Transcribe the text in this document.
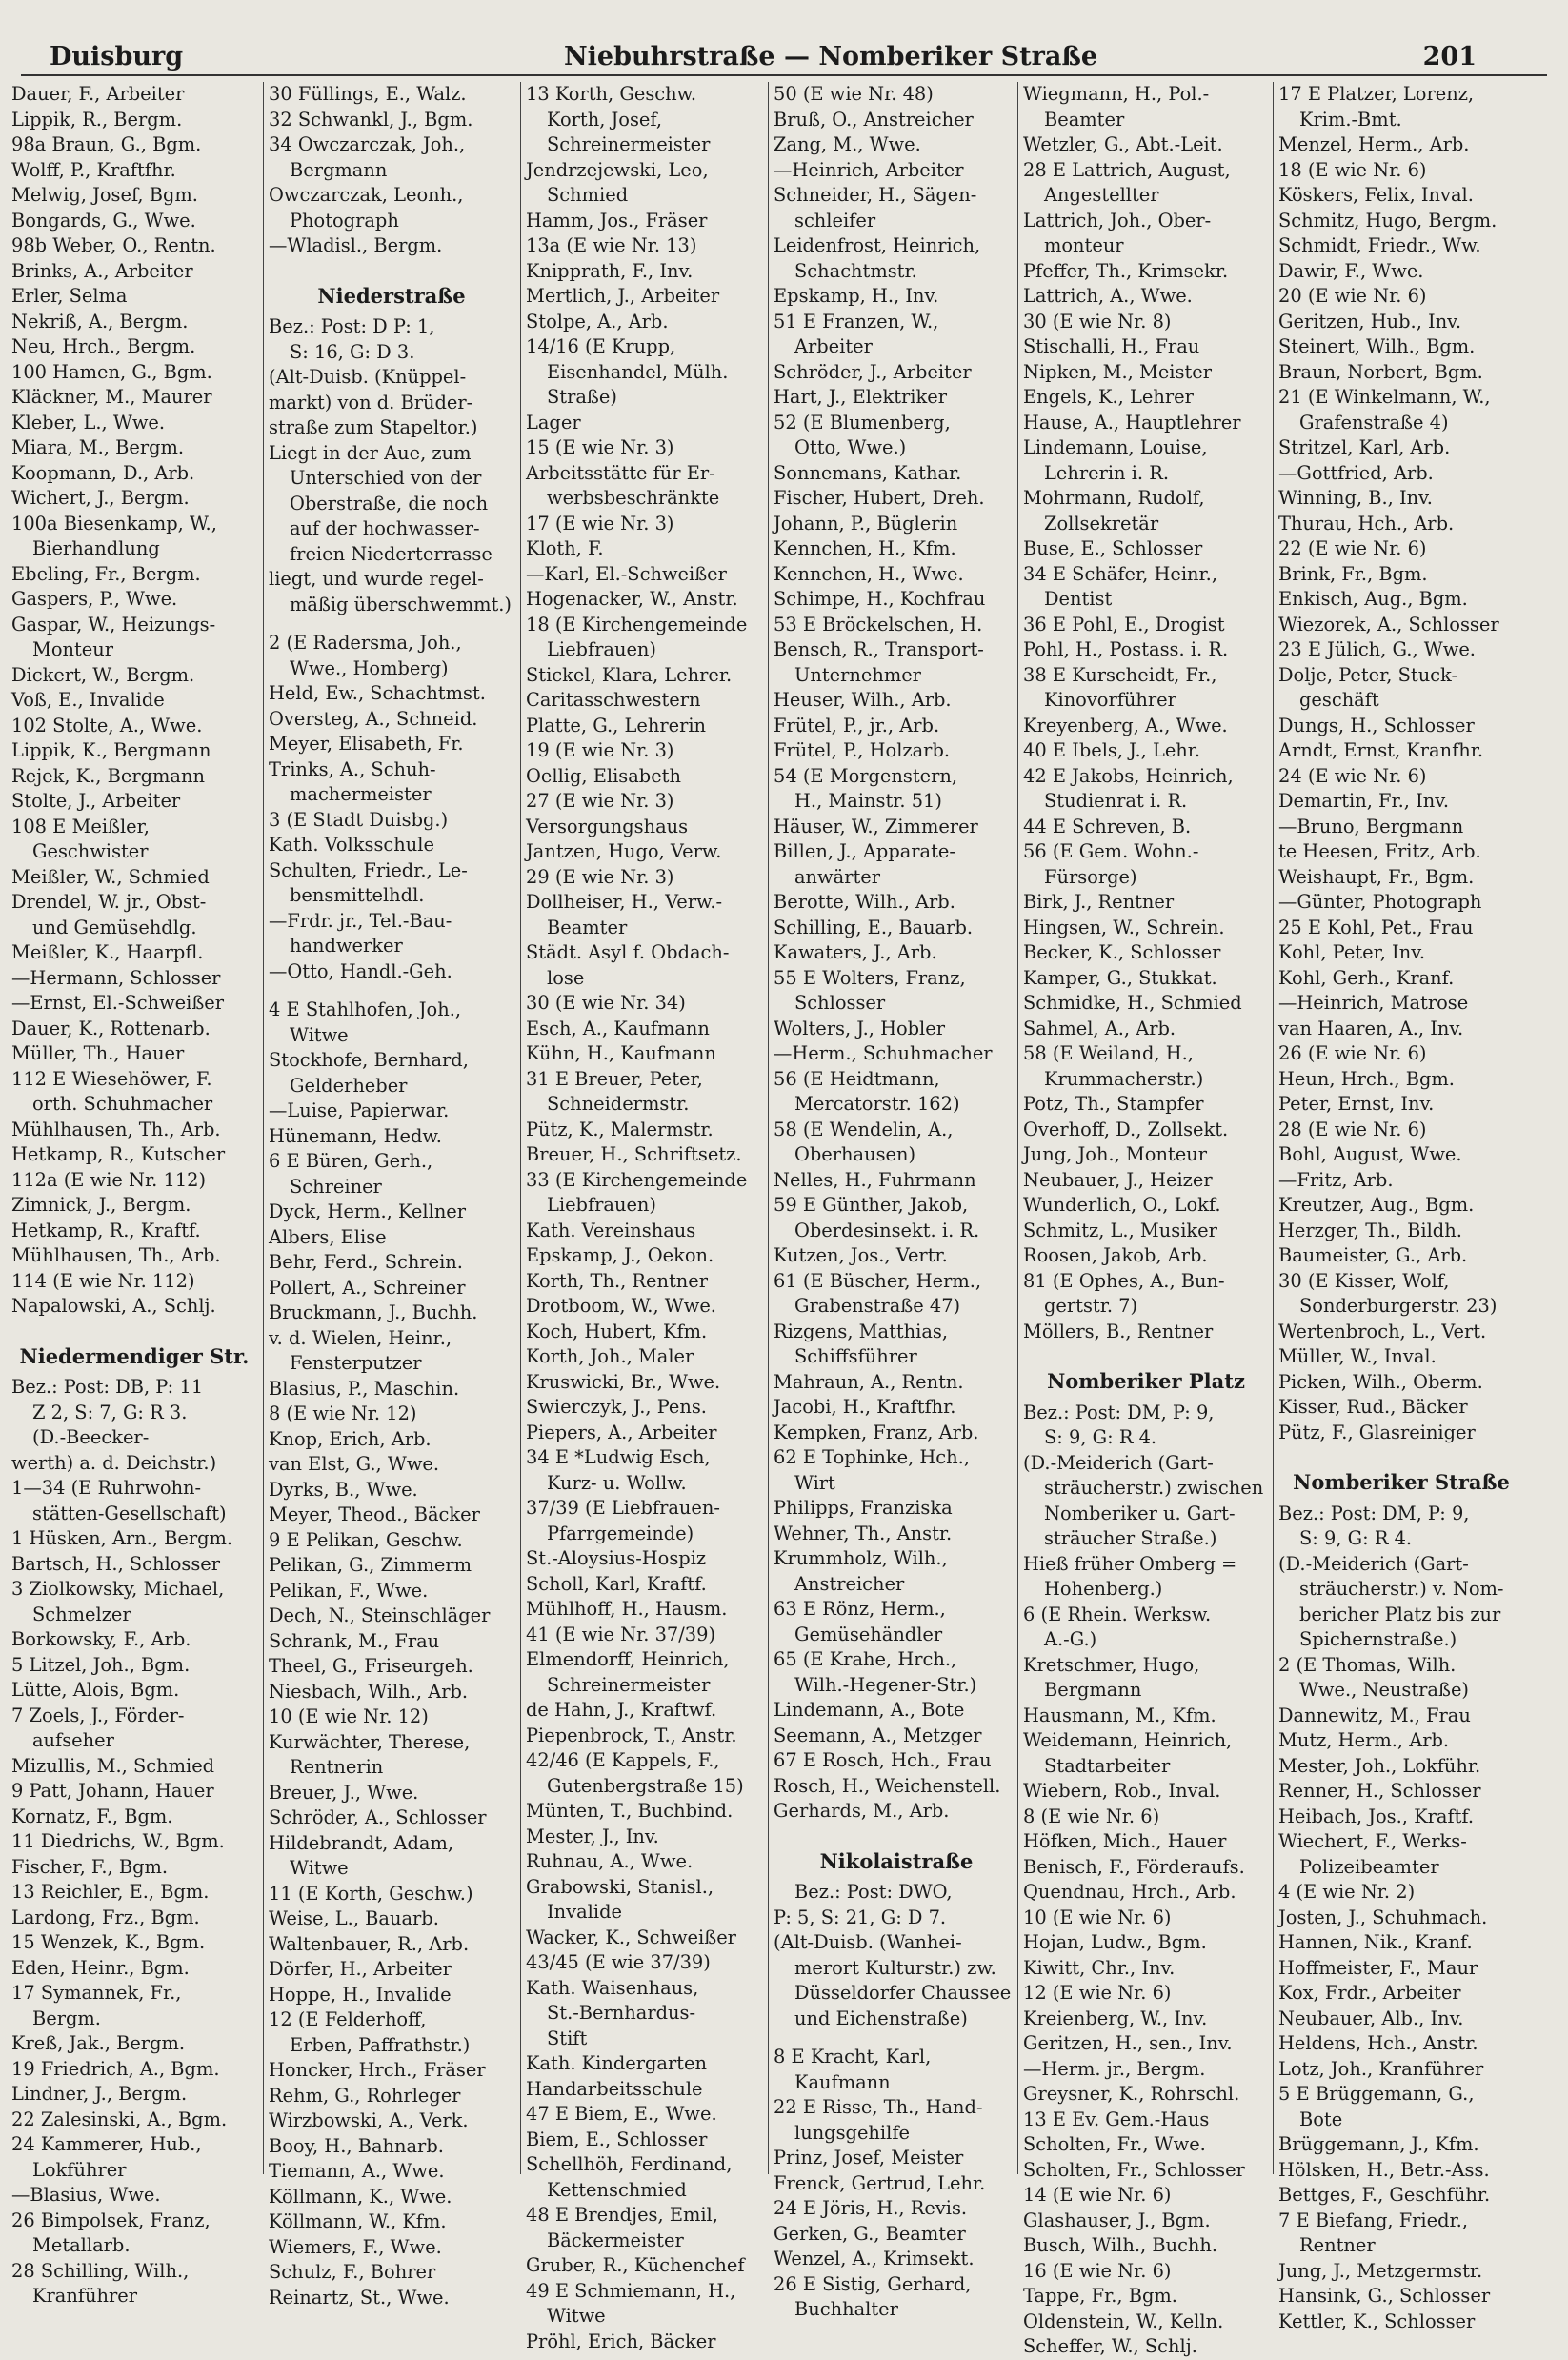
Duisburg	Niebuhrstraße — Nomberiker Straße	201
Dauer, F., Arbeiter
Lippik, R., Bergm.
98a Braun, G., Bgm.
Wolff, P., Kraftfhr.
Melwig, Josef, Bgm.
Bongards, G., Wwe.
98b Weber, O., Rentn.
Brinks, A., Arbeiter
Erler, Selma
Nekriß, A., Bergm.
Neu, Hrch., Bergm.
100 Hamen, G., Bgm.
Kläckner, M., Maurer
Kleber, L., Wwe.
Miara, M., Bergm.
Koopmann, D., Arb.
Wichert, J., Bergm.
100a Biesenkamp, W.,
Bierhandlung
Ebeling, Fr., Bergm.
Gaspers, P., Wwe.
Gaspar, W., Heizungs-
Monteur
Dickert, W., Bergm.
Voß, E., Invalide
102 Stolte, A., Wwe.
Lippik, K., Bergmann
Rejek, K., Bergmann
Stolte, J., Arbeiter
108 E Meißler,
Geschwister
Meißler, W., Schmied
Drendel, W. jr., Obst-
und Gemüsehdlg.
Meißler, K., Haarpfl.
—Hermann, Schlosser
—Ernst, El.-Schweißer
Dauer, K., Rottenarb.
Müller, Th., Hauer
112 E Wiesehöwer, F.
orth. Schuhmacher
Mühlhausen, Th., Arb.
Hetkamp, R., Kutscher
112a (E wie Nr. 112)
Zimnick, J., Bergm.
Hetkamp, R., Kraftf.
Mühlhausen, Th., Arb.
114 (E wie Nr. 112)
Napalowski, A., Schlj.
Niedermendiger Str.
Bez.: Post: DB, P: 11
Z 2, S: 7, G: R 3.
(D.-Beecker-
werth) a. d. Deichstr.)
1—34 (E Ruhrwohn-
stätten-Gesellschaft)
1 Hüsken, Arn., Bergm.
Bartsch, H., Schlosser
3 Ziolkowsky, Michael,
Schmelzer
Borkowsky, F., Arb.
5 Litzel, Joh., Bgm.
Lütte, Alois, Bgm.
7 Zoels, J., Förder-
aufseher
Mizullis, M., Schmied
9 Patt, Johann, Hauer
Kornatz, F., Bgm.
11 Diedrichs, W., Bgm.
Fischer, F., Bgm.
13 Reichler, E., Bgm.
Lardong, Frz., Bgm.
15 Wenzek, K., Bgm.
Eden, Heinr., Bgm.
17 Symannek, Fr.,
Bergm.
Kreß, Jak., Bergm.
19 Friedrich, A., Bgm.
Lindner, J., Bergm.
22 Zalesinski, A., Bgm.
24 Kammerer, Hub.,
Lokführer
—Blasius, Wwe.
26 Bimpolsek, Franz,
Metallarb.
28 Schilling, Wilh.,
Kranführer
30 Füllings, E., Walz.
32 Schwankl, J., Bgm.
34 Owczarczak, Joh.,
Bergmann
Owczarczak, Leonh.,
Photograph
—Wladisl., Bergm.
Niederstraße
Bez.: Post: D P: 1,
S: 16, G: D 3.
(Alt-Duisb. (Knüppel-
markt) von d. Brüder-
straße zum Stapeltor.)
Liegt in der Aue, zum
Unterschied von der
Oberstraße, die noch
auf der hochwasser-
freien Niederterrasse
liegt, und wurde regel-
mäßig überschwemmt.)
2 (E Radersma, Joh.,
Wwe., Homberg)
Held, Ew., Schachtmst.
Oversteg, A., Schneid.
Meyer, Elisabeth, Fr.
Trinks, A., Schuh-
machermeister
3 (E Stadt Duisbg.)
Kath. Volksschule
Schulten, Friedr., Le-
bensmittelhdl.
—Frdr. jr., Tel.-Bau-
handwerker
—Otto, Handl.-Geh.
4 E Stahlhofen, Joh.,
Witwe
Stockhofe, Bernhard,
Gelderheber
—Luise, Papierwar.
Hünemann, Hedw.
6 E Büren, Gerh.,
Schreiner
Dyck, Herm., Kellner
Albers, Elise
Behr, Ferd., Schrein.
Pollert, A., Schreiner
Bruckmann, J., Buchh.
v. d. Wielen, Heinr.,
Fensterputzer
Blasius, P., Maschin.
8 (E wie Nr. 12)
Knop, Erich, Arb.
van Elst, G., Wwe.
Dyrks, B., Wwe.
Meyer, Theod., Bäcker
9 E Pelikan, Geschw.
Pelikan, G., Zimmerm
Pelikan, F., Wwe.
Dech, N., Steinschläger
Schrank, M., Frau
Theel, G., Friseurgeh.
Niesbach, Wilh., Arb.
10 (E wie Nr. 12)
Kurwächter, Therese,
Rentnerin
Breuer, J., Wwe.
Schröder, A., Schlosser
Hildebrandt, Adam,
Witwe
11 (E Korth, Geschw.)
Weise, L., Bauarb.
Waltenbauer, R., Arb.
Dörfer, H., Arbeiter
Hoppe, H., Invalide
12 (E Felderhoff,
Erben, Paffrathstr.)
Honcker, Hrch., Fräser
Rehm, G., Rohrleger
Wirzbowski, A., Verk.
Booy, H., Bahnarb.
Tiemann, A., Wwe.
Köllmann, K., Wwe.
Köllmann, W., Kfm.
Wiemers, F., Wwe.
Schulz, F., Bohrer
Reinartz, St., Wwe.
13 Korth, Geschw.
Korth, Josef,
Schreinermeister
Jendrzejewski, Leo,
Schmied
Hamm, Jos., Fräser
13a (E wie Nr. 13)
Knipprath, F., Inv.
Mertlich, J., Arbeiter
Stolpe, A., Arb.
14/16 (E Krupp,
Eisenhandel, Mülh.
Straße)
Lager
15 (E wie Nr. 3)
Arbeitsstätte für Er-
werbsbeschränkte
17 (E wie Nr. 3)
Kloth, F.
—Karl, El.-Schweißer
Hogenacker, W., Anstr.
18 (E Kirchengemeinde
Liebfrauen)
Stickel, Klara, Lehrer.
Caritasschwestern
Platte, G., Lehrerin
19 (E wie Nr. 3)
Oellig, Elisabeth
27 (E wie Nr. 3)
Versorgungshaus
Jantzen, Hugo, Verw.
29 (E wie Nr. 3)
Dollheiser, H., Verw.-
Beamter
Städt. Asyl f. Obdach-
lose
30 (E wie Nr. 34)
Esch, A., Kaufmann
Kühn, H., Kaufmann
31 E Breuer, Peter,
Schneidermstr.
Pütz, K., Malermstr.
Breuer, H., Schriftsetz.
33 (E Kirchengemeinde
Liebfrauen)
Kath. Vereinshaus
Epskamp, J., Oekon.
Korth, Th., Rentner
Drotboom, W., Wwe.
Koch, Hubert, Kfm.
Korth, Joh., Maler
Kruswicki, Br., Wwe.
Swierczyk, J., Pens.
Piepers, A., Arbeiter
34 E *Ludwig Esch,
Kurz- u. Wollw.
37/39 (E Liebfrauen-
Pfarrgemeinde)
St.-Aloysius-Hospiz
Scholl, Karl, Kraftf.
Mühlhoff, H., Hausm.
41 (E wie Nr. 37/39)
Elmendorff, Heinrich,
Schreinermeister
de Hahn, J., Kraftwf.
Piepenbrock, T., Anstr.
42/46 (E Kappels, F.,
Gutenbergstraße 15)
Münten, T., Buchbind.
Mester, J., Inv.
Ruhnau, A., Wwe.
Grabowski, Stanisl.,
Invalide
Wacker, K., Schweißer
43/45 (E wie 37/39)
Kath. Waisenhaus,
St.-Bernhardus-
Stift
Kath. Kindergarten
Handarbeitsschule
47 E Biem, E., Wwe.
Biem, E., Schlosser
Schellhöh, Ferdinand,
Kettenschmied
48 E Brendjes, Emil,
Bäckermeister
Gruber, R., Küchenchef
49 E Schmiemann, H.,
Witwe
Pröhl, Erich, Bäcker
50 (E wie Nr. 48)
Bruß, O., Anstreicher
Zang, M., Wwe.
—Heinrich, Arbeiter
Schneider, H., Sägen-
schleifer
Leidenfrost, Heinrich,
Schachtmstr.
Epskamp, H., Inv.
51 E Franzen, W.,
Arbeiter
Schröder, J., Arbeiter
Hart, J., Elektriker
52 (E Blumenberg,
Otto, Wwe.)
Sonnemans, Kathar.
Fischer, Hubert, Dreh.
Johann, P., Büglerin
Kennchen, H., Kfm.
Kennchen, H., Wwe.
Schimpe, H., Kochfrau
53 E Bröckelschen, H.
Bensch, R., Transport-
Unternehmer
Heuser, Wilh., Arb.
Frütel, P., jr., Arb.
Frütel, P., Holzarb.
54 (E Morgenstern,
H., Mainstr. 51)
Häuser, W., Zimmerer
Billen, J., Apparate-
anwärter
Berotte, Wilh., Arb.
Schilling, E., Bauarb.
Kawaters, J., Arb.
55 E Wolters, Franz,
Schlosser
Wolters, J., Hobler
—Herm., Schuhmacher
56 (E Heidtmann,
Mercatorstr. 162)
58 (E Wendelin, A.,
Oberhausen)
Nelles, H., Fuhrmann
59 E Günther, Jakob,
Oberdesinsekt. i. R.
Kutzen, Jos., Vertr.
61 (E Büscher, Herm.,
Grabenstraße 47)
Rizgens, Matthias,
Schiffsführer
Mahraun, A., Rentn.
Jacobi, H., Kraftfhr.
Kempken, Franz, Arb.
62 E Tophinke, Hch.,
Wirt
Philipps, Franziska
Wehner, Th., Anstr.
Krummholz, Wilh.,
Anstreicher
63 E Rönz, Herm.,
Gemüsehändler
65 (E Krahe, Hrch.,
Wilh.-Hegener-Str.)
Lindemann, A., Bote
Seemann, A., Metzger
67 E Rosch, Hch., Frau
Rosch, H., Weichenstell.
Gerhards, M., Arb.
Nikolaistraße
Bez.: Post: DWO,
P: 5, S: 21, G: D 7.
(Alt-Duisb. (Wanhei-
merort Kulturstr.) zw.
Düsseldorfer Chaussee
und Eichenstraße)
8 E Kracht, Karl,
Kaufmann
22 E Risse, Th., Hand-
lungsgehilfe
Prinz, Josef, Meister
Frenck, Gertrud, Lehr.
24 E Jöris, H., Revis.
Gerken, G., Beamter
Wenzel, A., Krimsekt.
26 E Sistig, Gerhard,
Buchhalter
Wiegmann, H., Pol.-
Beamter
Wetzler, G., Abt.-Leit.
28 E Lattrich, August,
Angestellter
Lattrich, Joh., Ober-
monteur
Pfeffer, Th., Krimsekr.
Lattrich, A., Wwe.
30 (E wie Nr. 8)
Stischalli, H., Frau
Nipken, M., Meister
Engels, K., Lehrer
Hause, A., Hauptlehrer
Lindemann, Louise,
Lehrerin i. R.
Mohrmann, Rudolf,
Zollsekretär
Buse, E., Schlosser
34 E Schäfer, Heinr.,
Dentist
36 E Pohl, E., Drogist
Pohl, H., Postass. i. R.
38 E Kurscheidt, Fr.,
Kinovorführer
Kreyenberg, A., Wwe.
40 E Ibels, J., Lehr.
42 E Jakobs, Heinrich,
Studienrat i. R.
44 E Schreven, B.
56 (E Gem. Wohn.-
Fürsorge)
Birk, J., Rentner
Hingsen, W., Schrein.
Becker, K., Schlosser
Kamper, G., Stukkat.
Schmidke, H., Schmied
Sahmel, A., Arb.
58 (E Weiland, H.,
Krummacherstr.)
Potz, Th., Stampfer
Overhoff, D., Zollsekt.
Jung, Joh., Monteur
Neubauer, J., Heizer
Wunderlich, O., Lokf.
Schmitz, L., Musiker
Roosen, Jakob, Arb.
81 (E Ophes, A., Bun-
gertstr. 7)
Möllers, B., Rentner
Nomberiker Platz
Bez.: Post: DM, P: 9,
S: 9, G: R 4.
(D.-Meiderich (Gart-
sträucherstr.) zwischen
Nomberiker u. Gart-
sträucher Straße.)
Hieß früher Omberg =
Hohenberg.)
6 (E Rhein. Werksw.
A.-G.)
Kretschmer, Hugo,
Bergmann
Hausmann, M., Kfm.
Weidemann, Heinrich,
Stadtarbeiter
Wiebern, Rob., Inval.
8 (E wie Nr. 6)
Höfken, Mich., Hauer
Benisch, F., Förderaufs.
Quendnau, Hrch., Arb.
10 (E wie Nr. 6)
Hojan, Ludw., Bgm.
Kiwitt, Chr., Inv.
12 (E wie Nr. 6)
Kreienberg, W., Inv.
Geritzen, H., sen., Inv.
—Herm. jr., Bergm.
Greysner, K., Rohrschl.
13 E Ev. Gem.-Haus
Scholten, Fr., Wwe.
Scholten, Fr., Schlosser
14 (E wie Nr. 6)
Glashauser, J., Bgm.
Busch, Wilh., Buchh.
16 (E wie Nr. 6)
Tappe, Fr., Bgm.
Oldenstein, W., Kelln.
Scheffer, W., Schlj.
17 E Platzer, Lorenz,
Krim.-Bmt.
Menzel, Herm., Arb.
18 (E wie Nr. 6)
Köskers, Felix, Inval.
Schmitz, Hugo, Bergm.
Schmidt, Friedr., Ww.
Dawir, F., Wwe.
20 (E wie Nr. 6)
Geritzen, Hub., Inv.
Steinert, Wilh., Bgm.
Braun, Norbert, Bgm.
21 (E Winkelmann, W.,
Grafenstraße 4)
Stritzel, Karl, Arb.
—Gottfried, Arb.
Winning, B., Inv.
Thurau, Hch., Arb.
22 (E wie Nr. 6)
Brink, Fr., Bgm.
Enkisch, Aug., Bgm.
Wiezorek, A., Schlosser
23 E Jülich, G., Wwe.
Dolje, Peter, Stuck-
geschäft
Dungs, H., Schlosser
Arndt, Ernst, Kranfhr.
24 (E wie Nr. 6)
Demartin, Fr., Inv.
—Bruno, Bergmann
te Heesen, Fritz, Arb.
Weishaupt, Fr., Bgm.
—Günter, Photograph
25 E Kohl, Pet., Frau
Kohl, Peter, Inv.
Kohl, Gerh., Kranf.
—Heinrich, Matrose
van Haaren, A., Inv.
26 (E wie Nr. 6)
Heun, Hrch., Bgm.
Peter, Ernst, Inv.
28 (E wie Nr. 6)
Bohl, August, Wwe.
—Fritz, Arb.
Kreutzer, Aug., Bgm.
Herzger, Th., Bildh.
Baumeister, G., Arb.
30 (E Kisser, Wolf,
Sonderburgerstr. 23)
Wertenbroch, L., Vert.
Müller, W., Inval.
Picken, Wilh., Oberm.
Kisser, Rud., Bäcker
Pütz, F., Glasreiniger
Nomberiker Straße
Bez.: Post: DM, P: 9,
S: 9, G: R 4.
(D.-Meiderich (Gart-
sträucherstr.) v. Nom-
bericher Platz bis zur
Spichernstraße.)
2 (E Thomas, Wilh.
Wwe., Neustraße)
Dannewitz, M., Frau
Mutz, Herm., Arb.
Mester, Joh., Lokführ.
Renner, H., Schlosser
Heibach, Jos., Kraftf.
Wiechert, F., Werks-
Polizeibeamter
4 (E wie Nr. 2)
Josten, J., Schuhmach.
Hannen, Nik., Kranf.
Hoffmeister, F., Maur
Kox, Frdr., Arbeiter
Neubauer, Alb., Inv.
Heldens, Hch., Anstr.
Lotz, Joh., Kranführer
5 E Brüggemann, G.,
Bote
Brüggemann, J., Kfm.
Hölsken, H., Betr.-Ass.
Bettges, F., Geschführ.
7 E Biefang, Friedr.,
Rentner
Jung, J., Metzgermstr.
Hansink, G., Schlosser
Kettler, K., Schlosser
